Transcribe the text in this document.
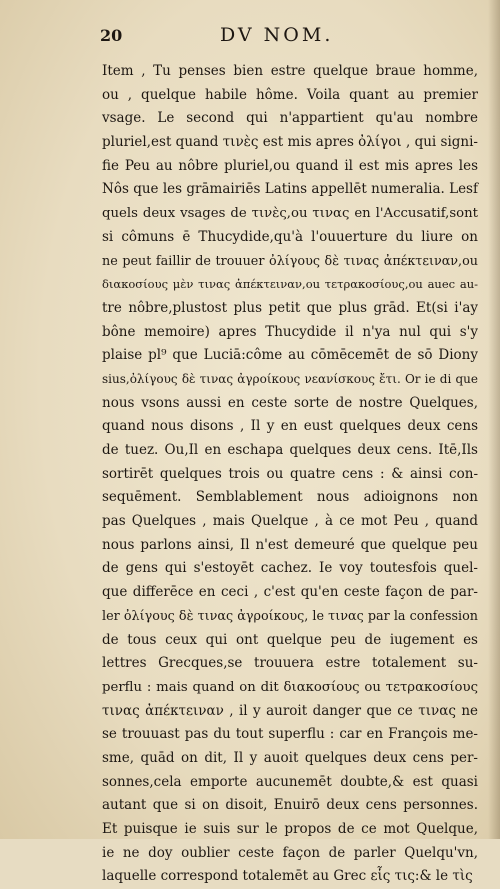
20	DV NOM.
Item , Tu penses bien estre quelque braue homme,
ou , quelque habile hôme. Voila quant au premier
vsage. Le second qui n'appartient qu'au nombre
pluriel,est quand τινὲς est mis apres ὀλίγοι , qui signi-
fie Peu au nôbre pluriel,ou quand il est mis apres les
Nôs que les grāmairiēs Latins appellēt numeralia. Lesf
quels deux vsages de τινὲς,ou τινας en l'Accusatif,sont
si cômuns ē Thucydide,qu'à l'ouuerture du liure on
ne peut faillir de trouuer ὀλίγους δὲ τινας ἀπέκτειναν,ou
διακοσίους μὲν τινας ἀπέκτειναν,ou τετρακοσίους,ou auec au-
tre nôbre,plustost plus petit que plus grād. Et(si i'ay
bône memoire) apres Thucydide il n'ya nul qui s'y
plaise pl⁹ que Luciā:côme au cōmēcemēt de sō Diony
sius,ὀλίγους δὲ τινας ἀγροίκους νεανίσκους ἔτι. Or ie di que
nous vsons aussi en ceste sorte de nostre Quelques,
quand nous disons , Il y en eust quelques deux cens
de tuez. Ou,Il en eschapa quelques deux cens. Itē,Ils
sortirēt quelques trois ou quatre cens : & ainsi con-
sequēment. Semblablement nous adioignons non
pas Quelques , mais Quelque , à ce mot Peu , quand
nous parlons ainsi, Il n'est demeuré que quelque peu
de gens qui s'estoyēt cachez. Ie voy toutesfois quel-
que differēce en ceci , c'est qu'en ceste façon de par-
ler ὀλίγους δὲ τινας ἀγροίκους, le τινας par la confession
de tous ceux qui ont quelque peu de iugement es
lettres Grecques,se trouuera estre totalement su-
perflu : mais quand on dit διακοσίους ou τετρακοσίους
τινας ἀπέκτειναν , il y auroit danger que ce τινας ne
se trouuast pas du tout superflu : car en François me-
sme, quād on dit, Il y auoit quelques deux cens per-
sonnes,cela emporte aucunemēt doubte,& est quasi
autant que si on disoit, Enuirō deux cens personnes.
Et puisque ie suis sur le propos de ce mot Quelque,
ie ne doy oublier ceste façon de parler Quelqu'vn,
laquelle correspond totalemēt au Grec εἷς τις:& le τὶς
